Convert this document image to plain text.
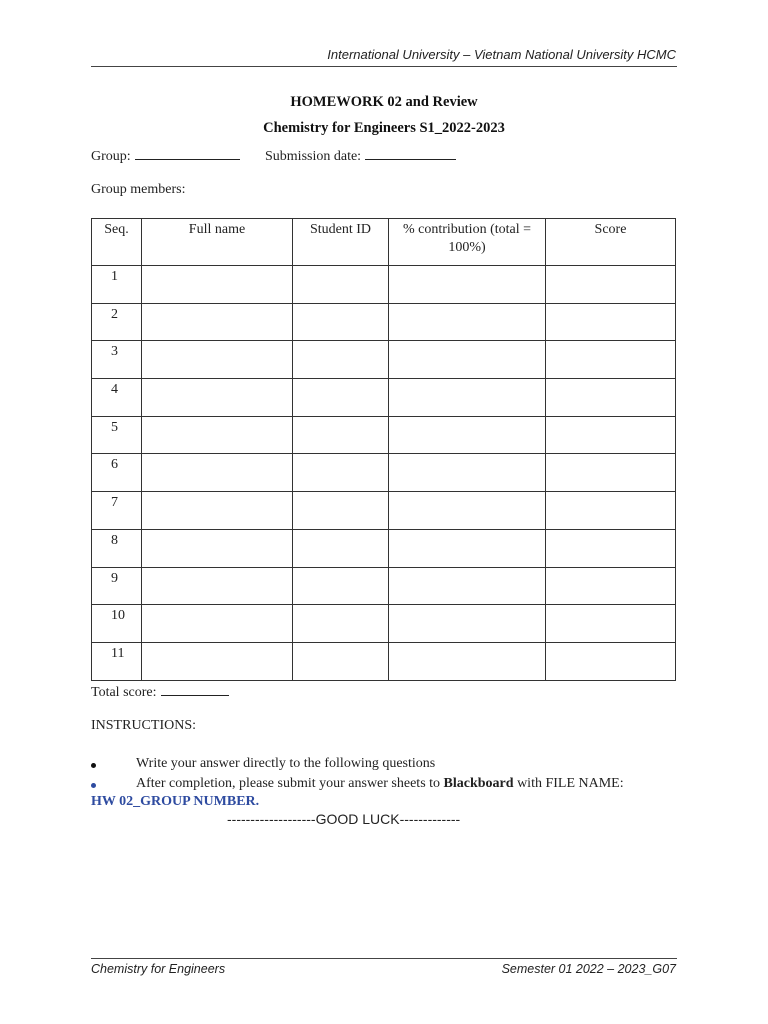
International University – Vietnam National University HCMC
HOMEWORK 02 and Review
Chemistry for Engineers S1_2022-2023
Group:	Submission date:
Group members:
Seq.	Full name	Student ID	% contribution (total = 100%)	Score
1				
2				
3				
4				
5				
6				
7				
8				
9				
10				
11				
Total score:
INSTRUCTIONS:
Write your answer directly to the following questions
After completion, please submit your answer sheets to Blackboard with FILE NAME:
HW 02_GROUP NUMBER.
-------------------GOOD LUCK-------------
Chemistry for Engineers	Semester 01 2022 – 2023_G07
